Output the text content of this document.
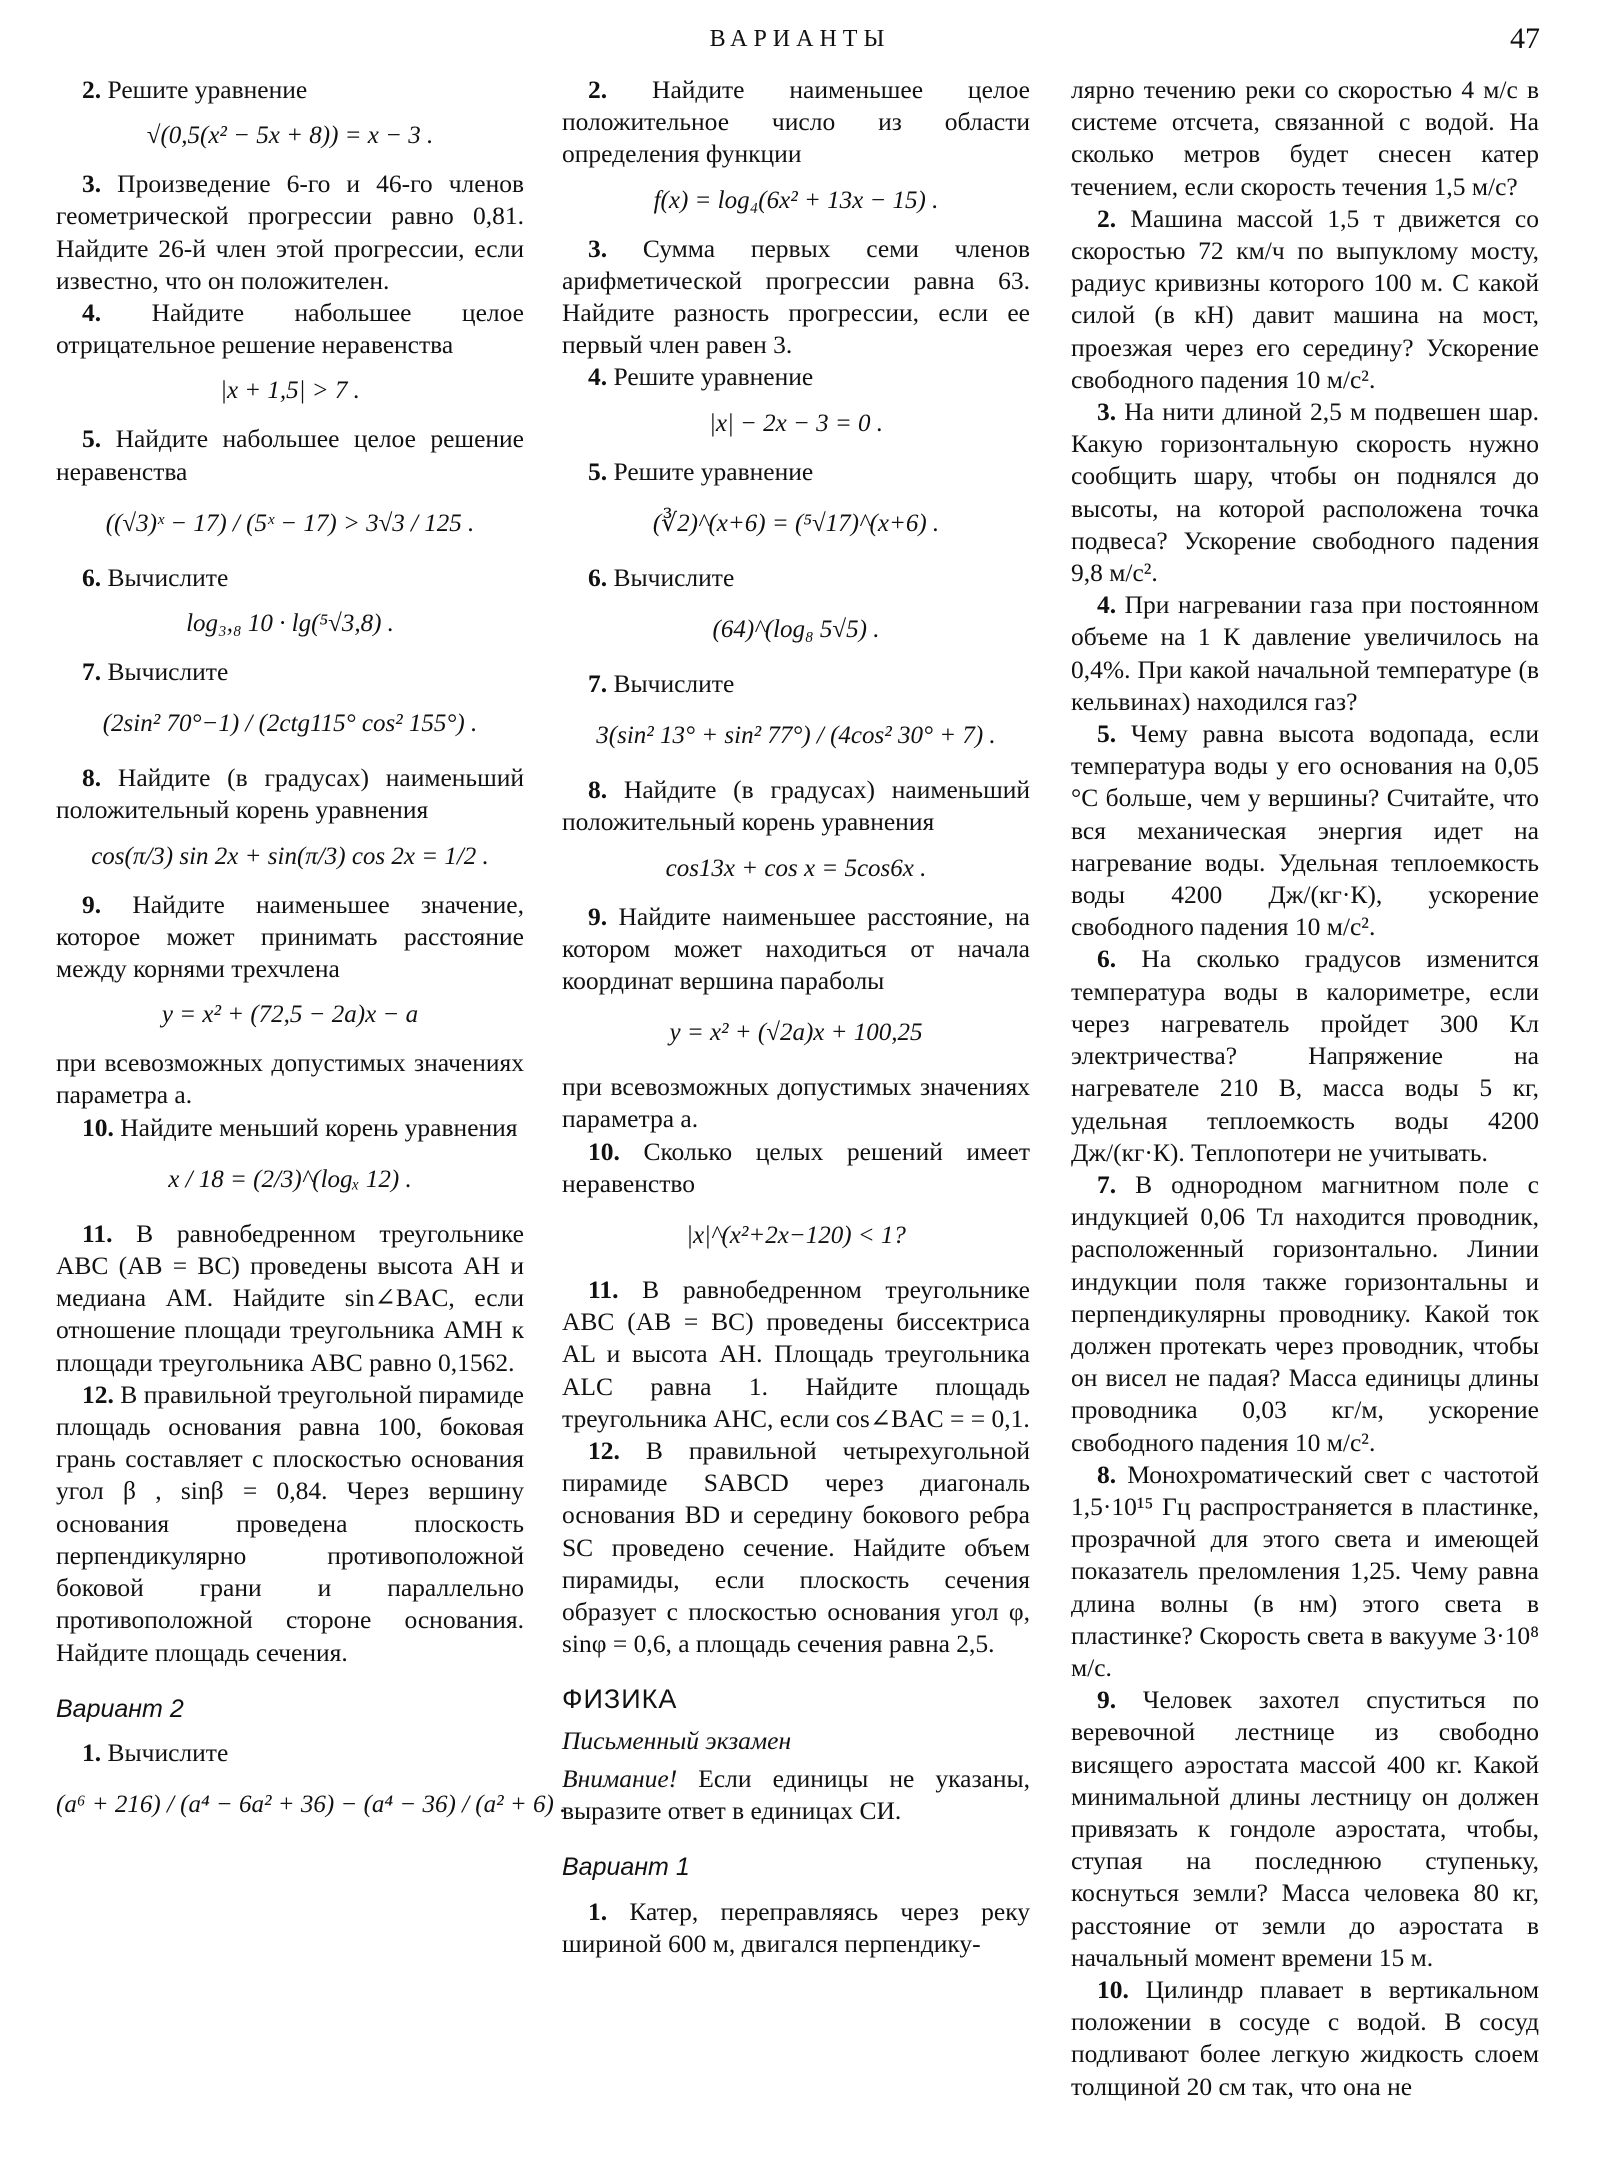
ВАРИАНТЫ	47

2. Решите уравнение

√(0,5(x² − 5x + 8)) = x − 3 .

3. Произведение 6-го и 46-го членов геометрической прогрессии равно 0,81. Найдите 26-й член этой прогрессии, если известно, что он положителен.

4. Найдите набольшее целое отрицательное решение неравенства

|x + 1,5| > 7 .

5. Найдите набольшее целое решение неравенства

((√3)ˣ − 17) / (5ˣ − 17) > 3√3 / 125 .

6. Вычислите

log₃,₈ 10 · lg(⁵√3,8) .

7. Вычислите

(2sin² 70°−1) / (2ctg115° cos² 155°) .

8. Найдите (в градусах) наименьший положительный корень уравнения

cos(π/3) sin 2x + sin(π/3) cos 2x = 1/2 .

9. Найдите наименьшее значение, которое может принимать расстояние между корнями трехчлена

y = x² + (72,5 − 2a)x − a

при всевозможных допустимых значениях параметра a.

10. Найдите меньший корень уравнения

x / 18 = (2/3)^(logₓ 12) .

11. В равнобедренном треугольнике ABC (AB = BC) проведены высота AH и медиана AM. Найдите sin∠BAC, если отношение площади треугольника AMH к площади треугольника ABC равно 0,1562.

12. В правильной треугольной пирамиде площадь основания равна 100, боковая грань составляет с плоскостью основания угол β , sinβ = 0,84. Через вершину основания проведена плоскость перпендикулярно противоположной боковой грани и параллельно противоположной стороне основания. Найдите площадь сечения.

Вариант 2

1. Вычислите

(a⁶ + 216) / (a⁴ − 6a² + 36) − (a⁴ − 36) / (a² + 6) .

2. Найдите наименьшее целое положительное число из области определения функции

f(x) = log₄(6x² + 13x − 15) .

3. Сумма первых семи членов арифметической прогрессии равна 63. Найдите разность прогрессии, если ее первый член равен 3.

4. Решите уравнение

|x| − 2x − 3 = 0 .

5. Решите уравнение

(∛2)^(x+6) = (⁵√17)^(x+6) .

6. Вычислите

(64)^(log₈ 5√5) .

7. Вычислите

3(sin² 13° + sin² 77°) / (4cos² 30° + 7) .

8. Найдите (в градусах) наименьший положительный корень уравнения

cos13x + cos x = 5cos6x .

9. Найдите наименьшее расстояние, на котором может находиться от начала координат вершина параболы

y = x² + (√2a)x + 100,25

при всевозможных допустимых значениях параметра a.

10. Сколько целых решений имеет неравенство

|x|^(x²+2x−120) < 1?

11. В равнобедренном треугольнике ABC (AB = BC) проведены биссектриса AL и высота AH. Площадь треугольника ALC равна 1. Найдите площадь треугольника AHC, если cos∠BAC = = 0,1.

12. В правильной четырехугольной пирамиде SABCD через диагональ основания BD и середину бокового ребра SC проведено сечение. Найдите объем пирамиды, если плоскость сечения образует с плоскостью основания угол φ, sinφ = 0,6, а площадь сечения равна 2,5.

ФИЗИКА
Письменный экзамен

Внимание! Если единицы не указаны, выразите ответ в единицах СИ.

Вариант 1

1. Катер, переправляясь через реку шириной 600 м, двигался перпендику-

лярно течению реки со скоростью 4 м/с в системе отсчета, связанной с водой. На сколько метров будет снесен катер течением, если скорость течения 1,5 м/с?

2. Машина массой 1,5 т движется со скоростью 72 км/ч по выпуклому мосту, радиус кривизны которого 100 м. С какой силой (в кН) давит машина на мост, проезжая через его середину? Ускорение свободного падения 10 м/c².

3. На нити длиной 2,5 м подвешен шар. Какую горизонтальную скорость нужно сообщить шару, чтобы он поднялся до высоты, на которой расположена точка подвеса? Ускорение свободного падения 9,8 м/c².

4. При нагревании газа при постоянном объеме на 1 К давление увеличилось на 0,4%. При какой начальной температуре (в кельвинах) находился газ?

5. Чему равна высота водопада, если температура воды у его основания на 0,05 °C больше, чем у вершины? Считайте, что вся механическая энергия идет на нагревание воды. Удельная теплоемкость воды 4200 Дж/(кг·К), ускорение свободного падения 10 м/c².

6. На сколько градусов изменится температура воды в калориметре, если через нагреватель пройдет 300 Кл электричества? Напряжение на нагревателе 210 В, масса воды 5 кг, удельная теплоемкость воды 4200 Дж/(кг·К). Теплопотери не учитывать.

7. В однородном магнитном поле с индукцией 0,06 Тл находится проводник, расположенный горизонтально. Линии индукции поля также горизонтальны и перпендикулярны проводнику. Какой ток должен протекать через проводник, чтобы он висел не падая? Масса единицы длины проводника 0,03 кг/м, ускорение свободного падения 10 м/c².

8. Монохроматический свет с частотой 1,5·10¹⁵ Гц распространяется в пластинке, прозрачной для этого света и имеющей показатель преломления 1,25. Чему равна длина волны (в нм) этого света в пластинке? Скорость света в вакууме 3·10⁸ м/с.

9. Человек захотел спуститься по веревочной лестнице из свободно висящего аэростата массой 400 кг. Какой минимальной длины лестницу он должен привязать к гондоле аэростата, чтобы, ступая на последнюю ступеньку, коснуться земли? Масса человека 80 кг, расстояние от земли до аэростата в начальный момент времени 15 м.

10. Цилиндр плавает в вертикальном положении в сосуде с водой. В сосуд подливают более легкую жидкость слоем толщиной 20 см так, что она не
